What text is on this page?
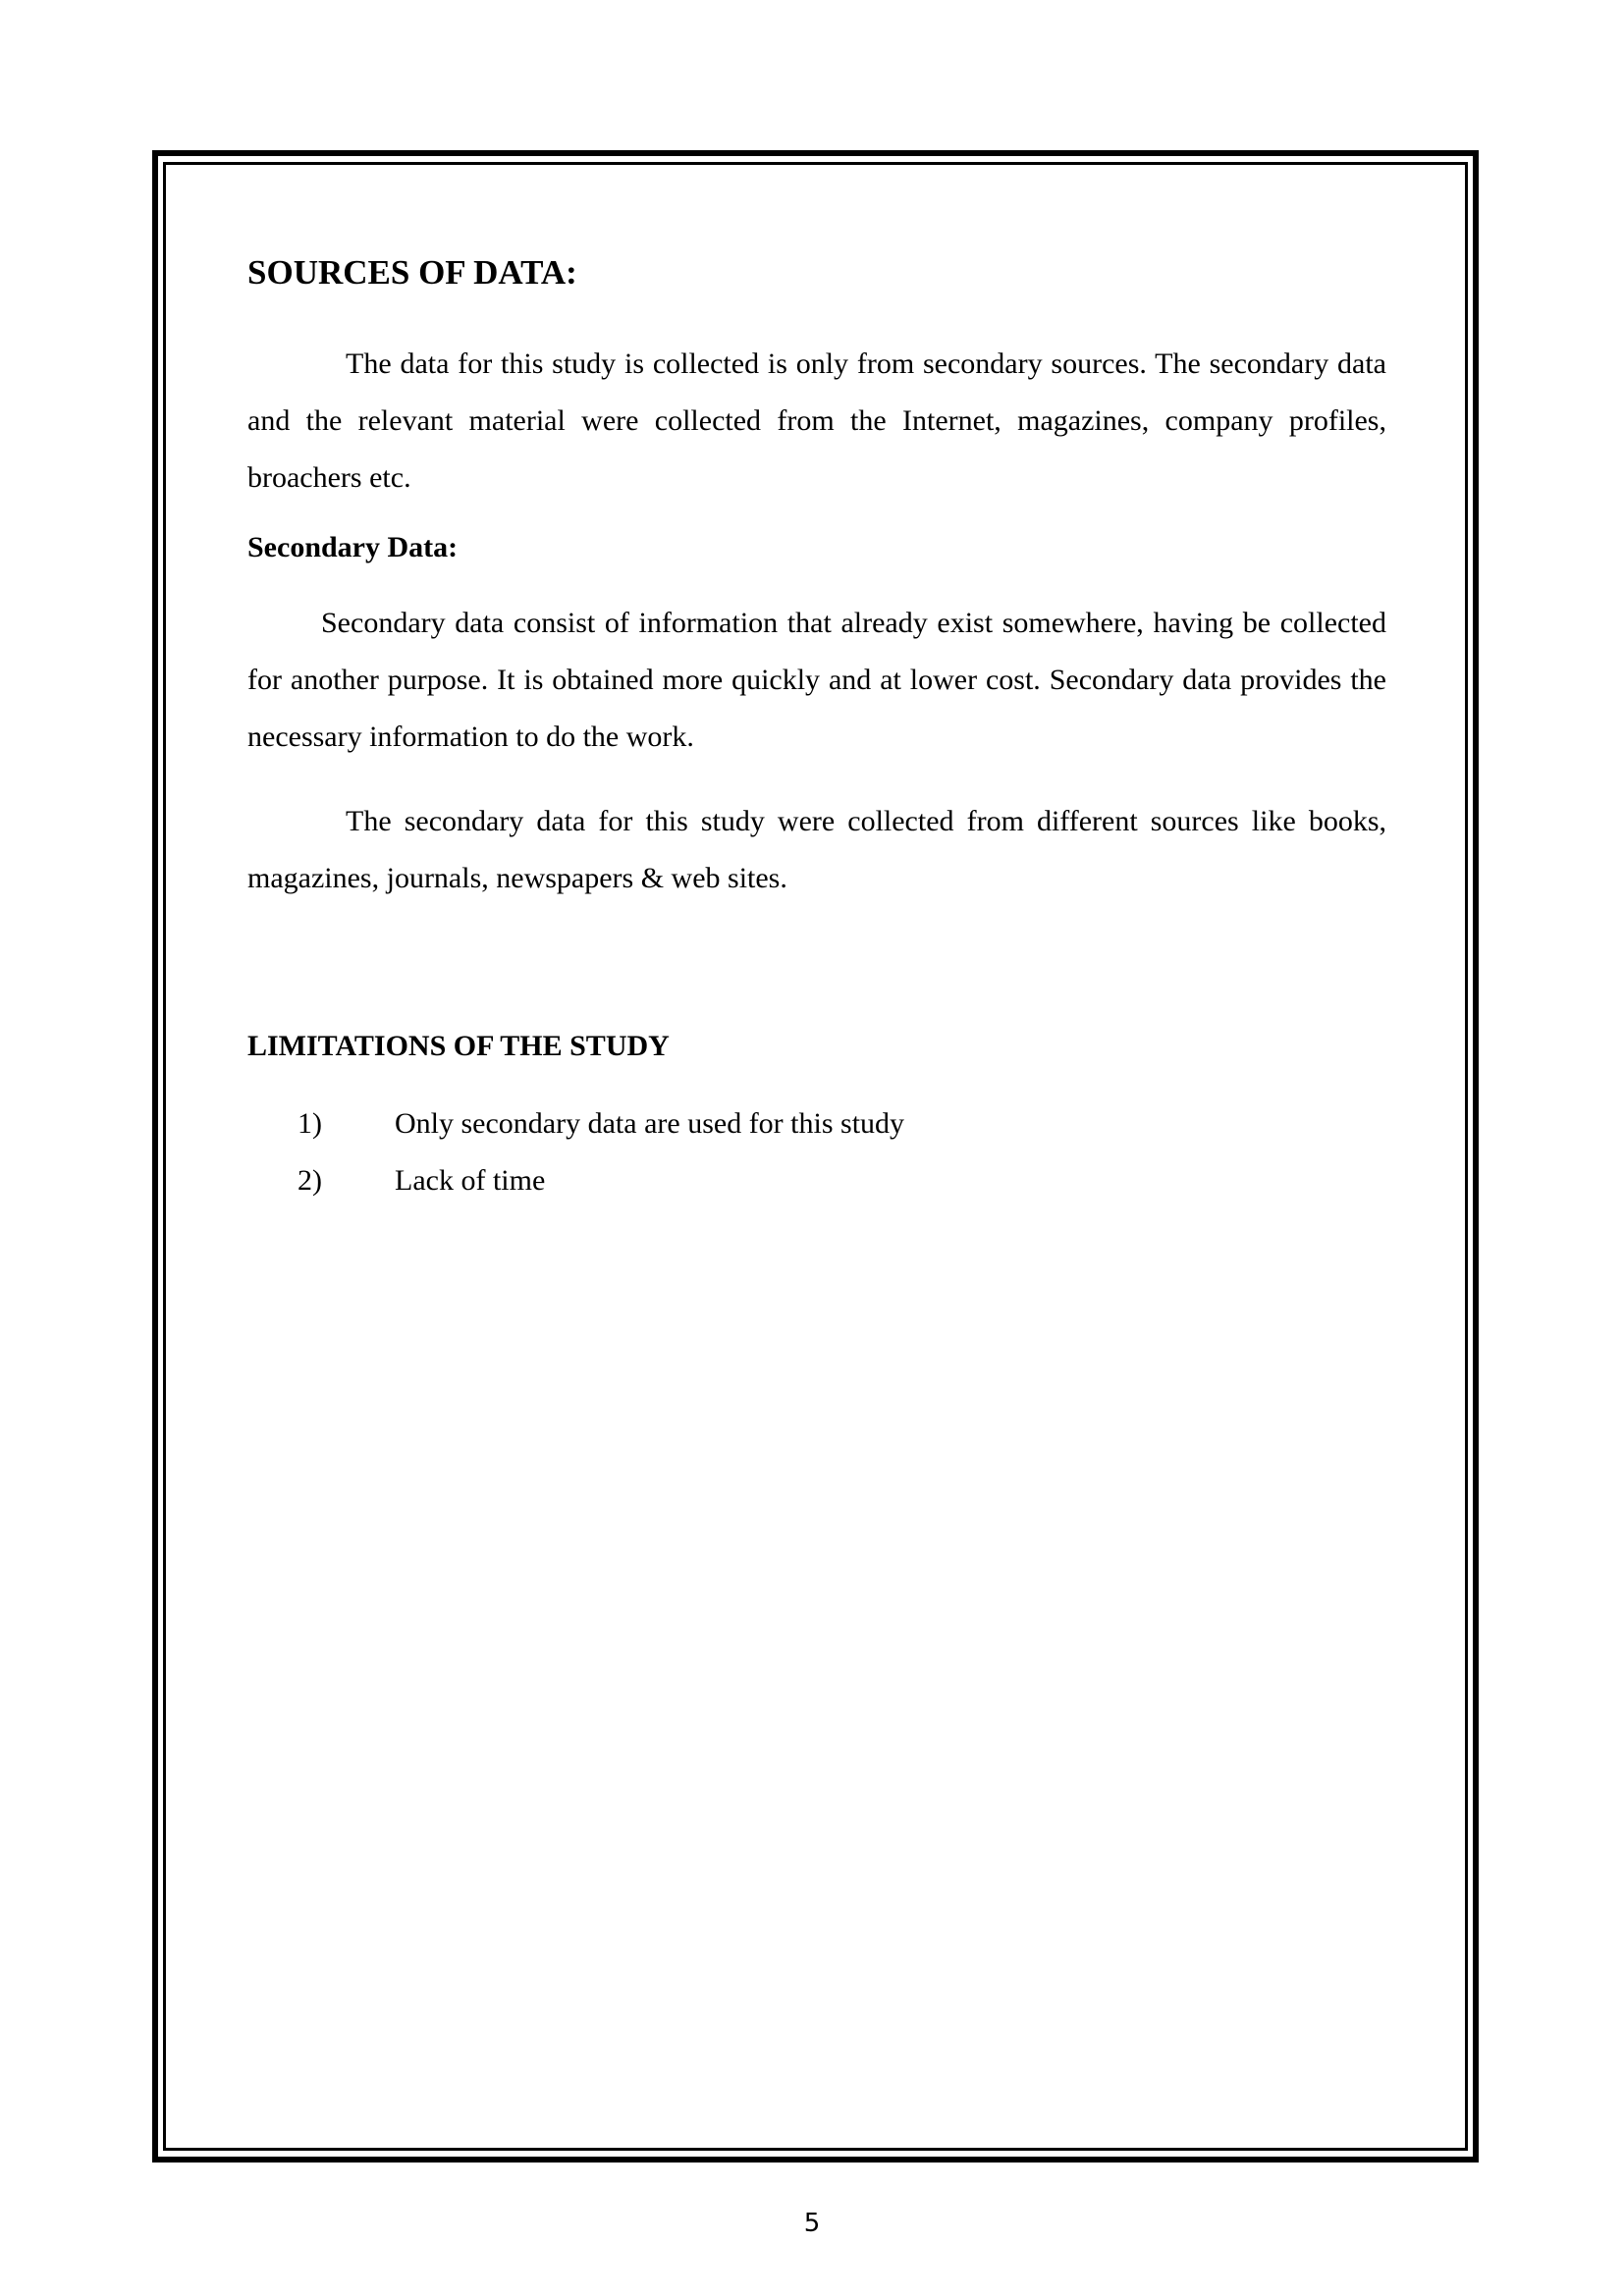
SOURCES OF DATA:

The data for this study is collected is only from secondary sources. The secondary data and the relevant material were collected from the Internet, magazines, company profiles, broachers etc.

Secondary Data:

Secondary data consist of information that already exist somewhere, having be collected for another purpose. It is obtained more quickly and at lower cost. Secondary data provides the necessary information to do the work.

The secondary data for this study were collected from different sources like books, magazines, journals, newspapers & web sites.

LIMITATIONS OF THE STUDY
1) Only secondary data are used for this study
2) Lack of time
5
